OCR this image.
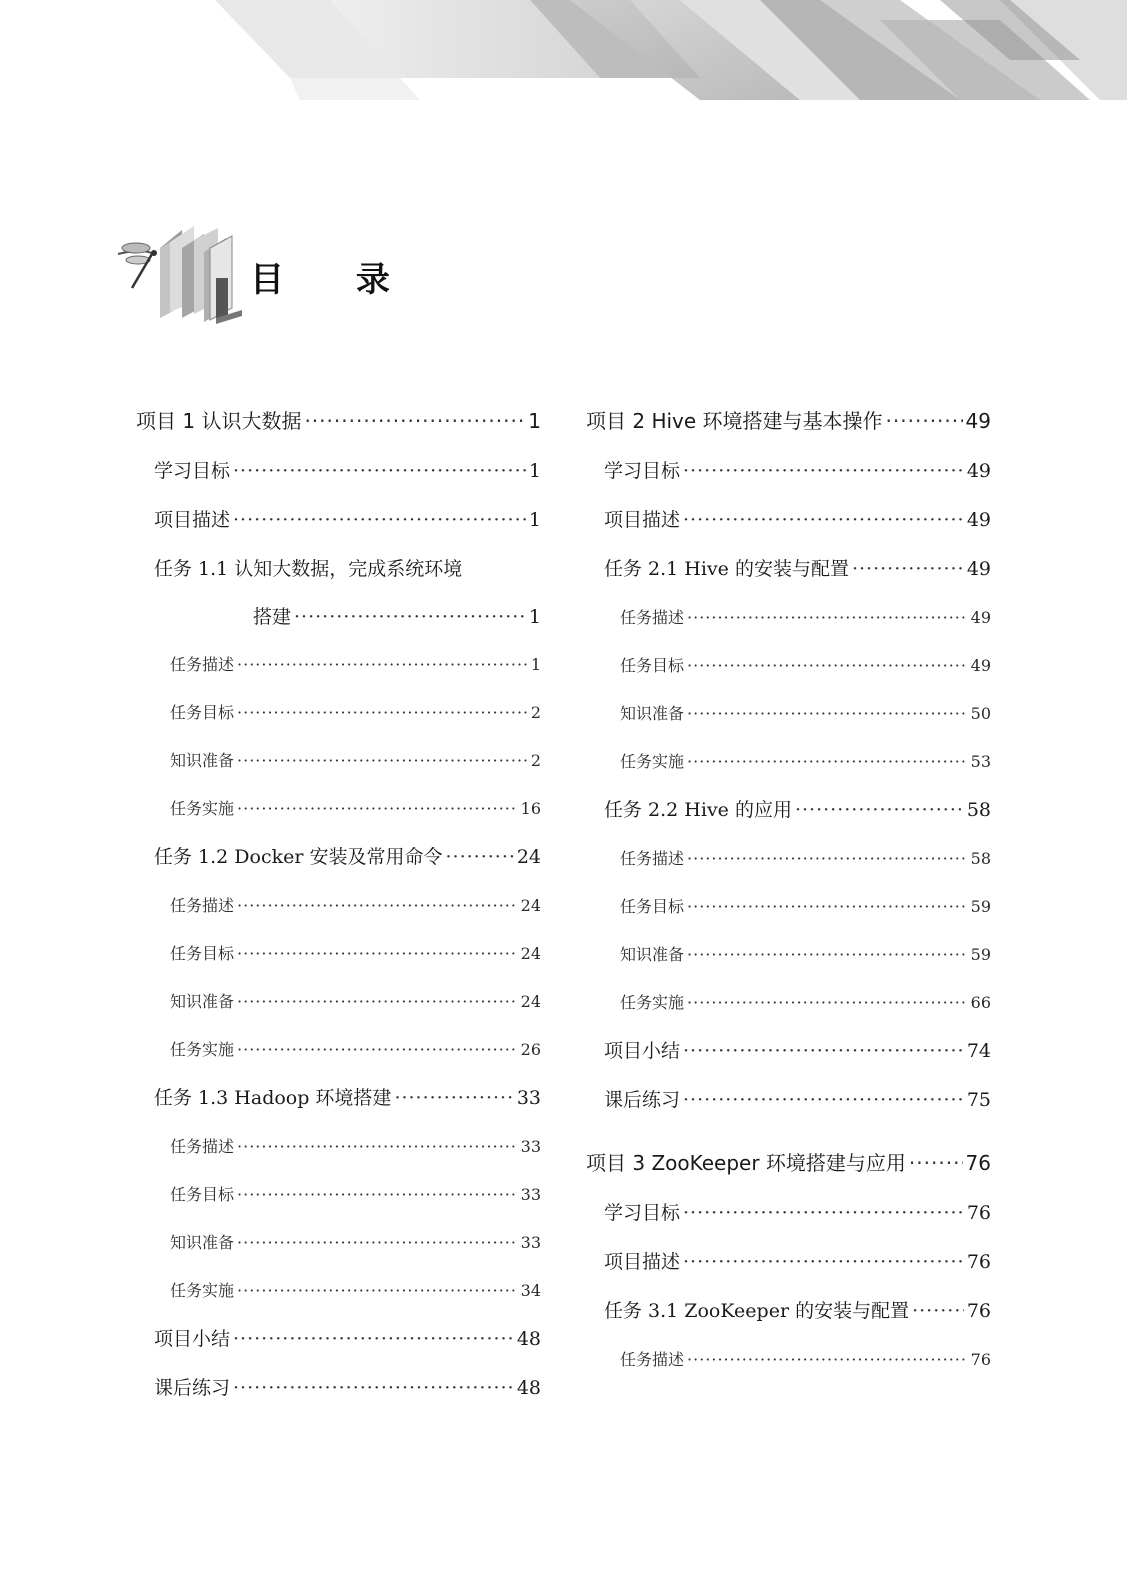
目 录
项目 1 认识大数据 ·····	1
学习目标 ·····	1
项目描述 ·····	1
任务 1.1 认知大数据，完成系统环境
搭建 ·····	1
任务描述 ·····	1
任务目标 ·····	2
知识准备 ·····	2
任务实施 ·····	16
任务 1.2 Docker 安装及常用命令 ·····	24
任务描述 ·····	24
任务目标 ·····	24
知识准备 ·····	24
任务实施 ·····	26
任务 1.3 Hadoop 环境搭建 ·····	33
任务描述 ·····	33
任务目标 ·····	33
知识准备 ·····	33
任务实施 ·····	34
项目小结 ·····	48
课后练习 ·····	48
项目 2 Hive 环境搭建与基本操作 ·····	49
学习目标 ·····	49
项目描述 ·····	49
任务 2.1 Hive 的安装与配置 ·····	49
任务描述 ·····	49
任务目标 ·····	49
知识准备 ·····	50
任务实施 ·····	53
任务 2.2 Hive 的应用 ·····	58
任务描述 ·····	58
任务目标 ·····	59
知识准备 ·····	59
任务实施 ·····	66
项目小结 ·····	74
课后练习 ·····	75
项目 3 ZooKeeper 环境搭建与应用 ·····	76
学习目标 ·····	76
项目描述 ·····	76
任务 3.1 ZooKeeper 的安装与配置 ·····	76
任务描述 ·····	76
